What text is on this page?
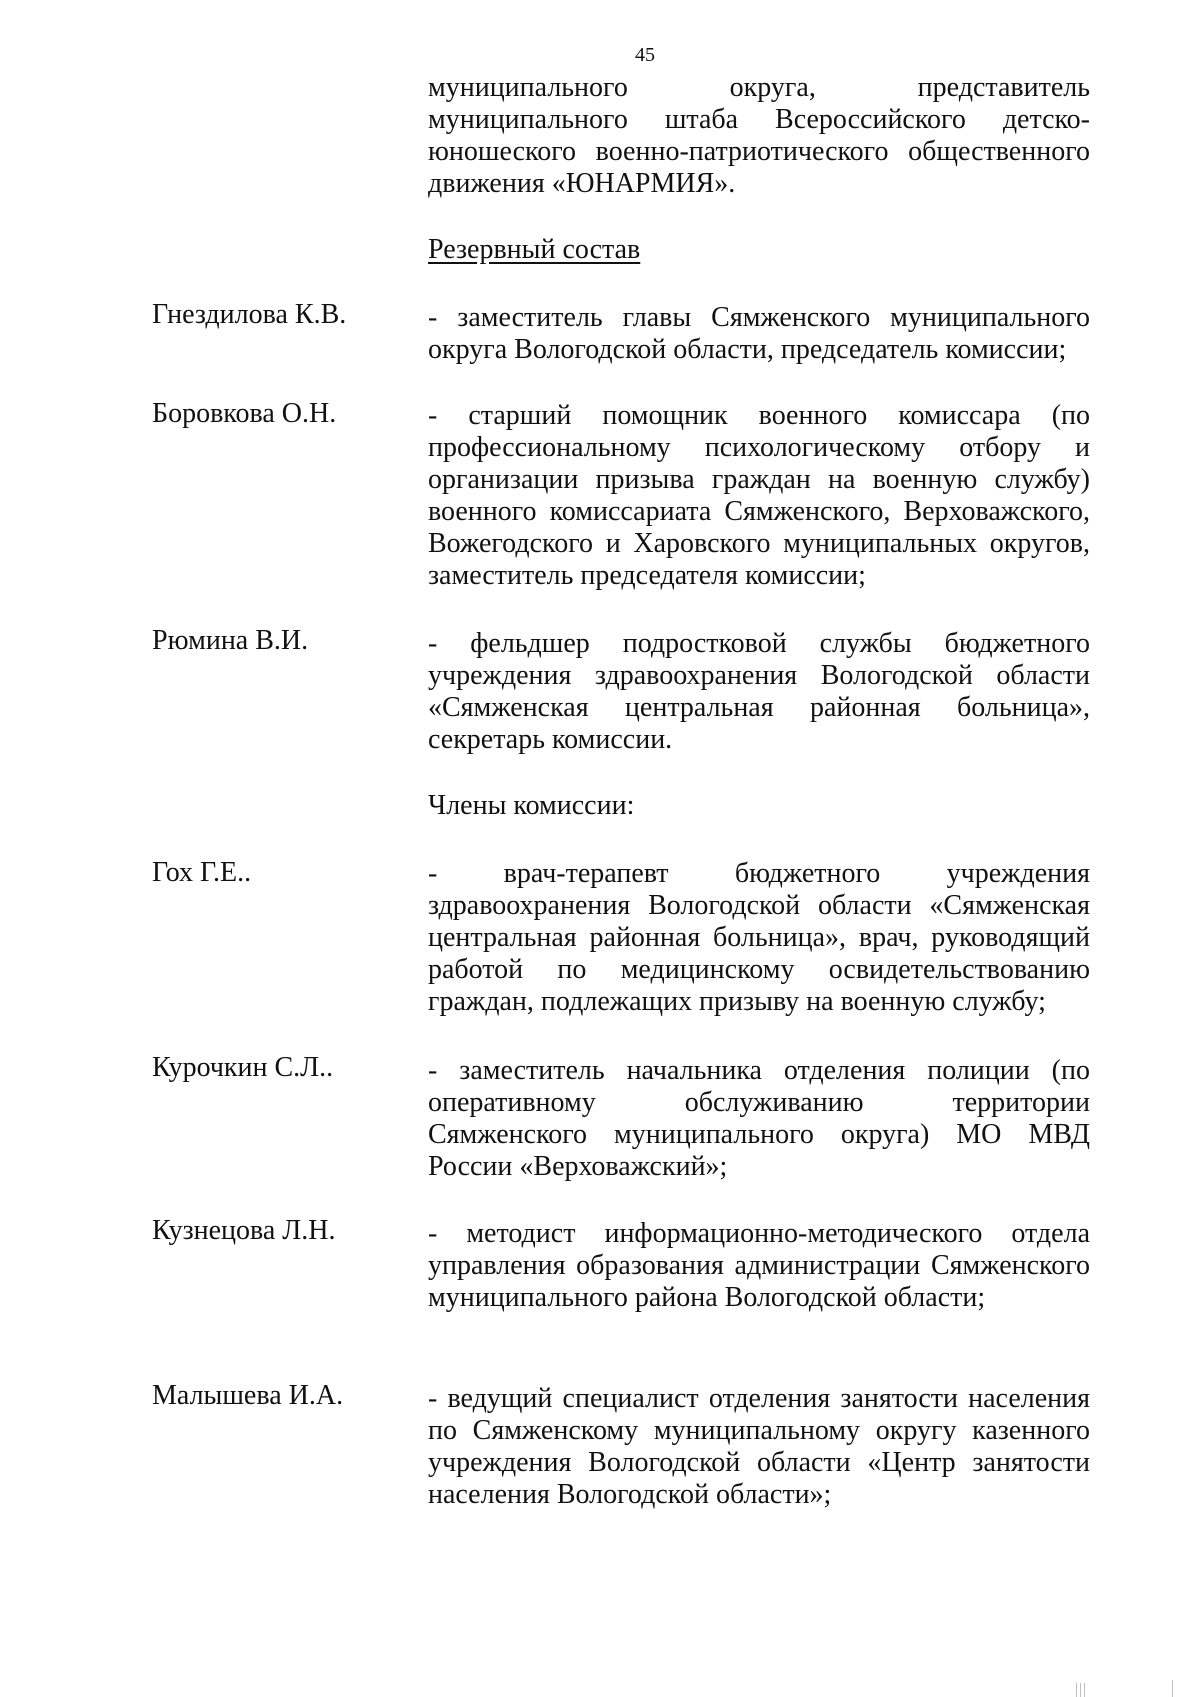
45
муниципального округа, представитель муниципального штаба Всероссийского детско-юношеского военно-патриотического общественного движения «ЮНАРМИЯ».
Резервный состав
Гнездилова К.В.	- заместитель главы Сямженского муниципального округа Вологодской области, председатель комиссии;
Боровкова О.Н.	- старший помощник военного комиссара (по профессиональному психологическому отбору и организации призыва граждан на военную службу) военного комиссариата Сямженского, Верховажского, Вожегодского и Харовского муниципальных округов, заместитель председателя комиссии;
Рюмина В.И.	- фельдшер подростковой службы бюджетного учреждения здравоохранения Вологодской области «Сямженская центральная районная больница», секретарь комиссии.
Члены комиссии:
Гох Г.Е..	- врач-терапевт бюджетного учреждения здравоохранения Вологодской области «Сямженская центральная районная больница», врач, руководящий работой по медицинскому освидетельствованию граждан, подлежащих призыву на военную службу;
Курочкин С.Л..	- заместитель начальника отделения полиции (по оперативному обслуживанию территории Сямженского муниципального округа) МО МВД России «Верховажский»;
Кузнецова Л.Н.	- методист информационно-методического отдела управления образования администрации Сямженского муниципального района Вологодской области;
Малышева И.А.	- ведущий специалист отделения занятости населения по Сямженскому муниципальному округу казенного учреждения Вологодской области «Центр занятости населения Вологодской области»;
